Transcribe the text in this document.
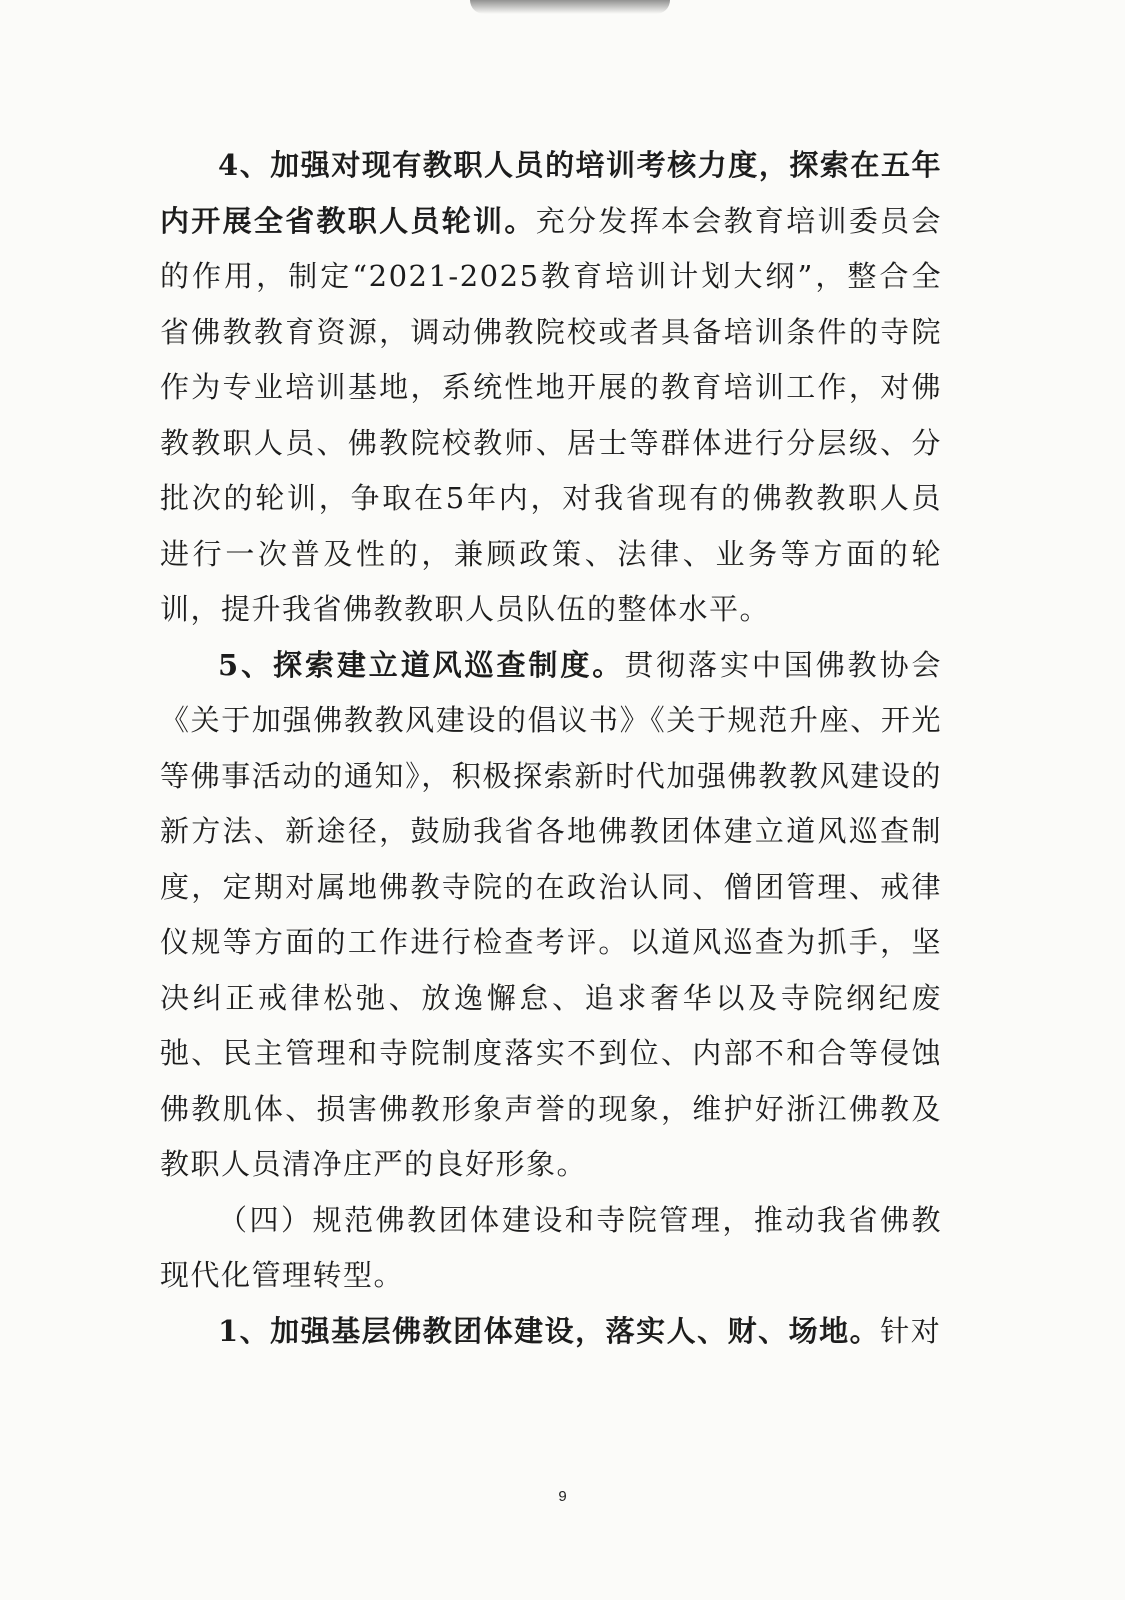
4、加强对现有教职人员的培训考核力度，探索在五年内开展全省教职人员轮训。充分发挥本会教育培训委员会的作用，制定“2021-2025教育培训计划大纲”，整合全省佛教教育资源，调动佛教院校或者具备培训条件的寺院作为专业培训基地，系统性地开展的教育培训工作，对佛教教职人员、佛教院校教师、居士等群体进行分层级、分批次的轮训，争取在5年内，对我省现有的佛教教职人员进行一次普及性的，兼顾政策、法律、业务等方面的轮训，提升我省佛教教职人员队伍的整体水平。

5、探索建立道风巡查制度。贯彻落实中国佛教协会《关于加强佛教教风建设的倡议书》《关于规范升座、开光等佛事活动的通知》，积极探索新时代加强佛教教风建设的新方法、新途径，鼓励我省各地佛教团体建立道风巡查制度，定期对属地佛教寺院的在政治认同、僧团管理、戒律仪规等方面的工作进行检查考评。以道风巡查为抓手，坚决纠正戒律松弛、放逸懈怠、追求奢华以及寺院纲纪废弛、民主管理和寺院制度落实不到位、内部不和合等侵蚀佛教肌体、损害佛教形象声誉的现象，维护好浙江佛教及教职人员清净庄严的良好形象。

（四）规范佛教团体建设和寺院管理，推动我省佛教现代化管理转型。

1、加强基层佛教团体建设，落实人、财、场地。针对

9
